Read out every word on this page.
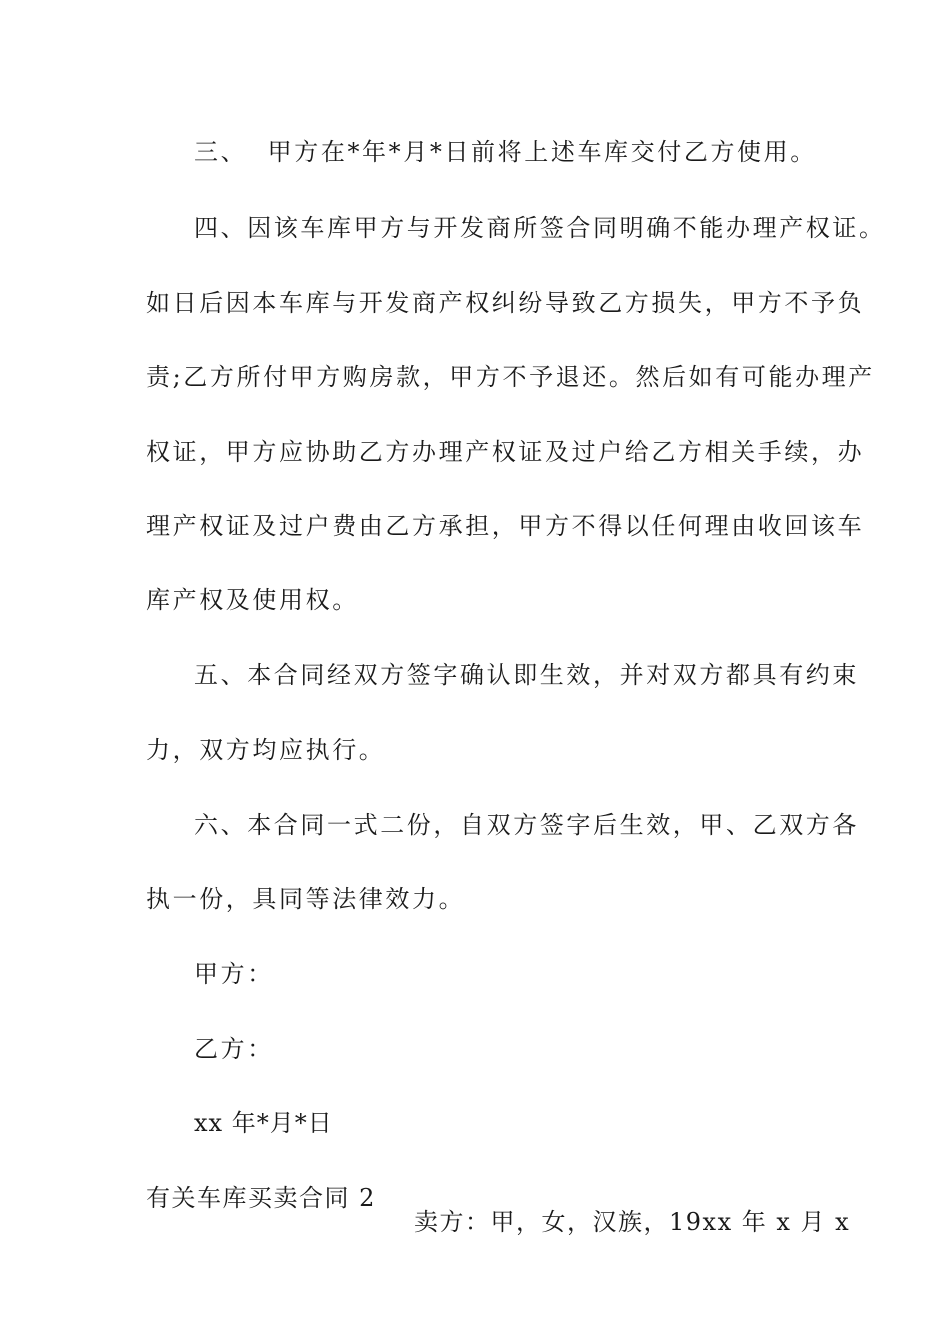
三、  甲方在*年*月*日前将上述车库交付乙方使用。

四、因该车库甲方与开发商所签合同明确不能办理产权证。

如日后因本车库与开发商产权纠纷导致乙方损失，甲方不予负

责;乙方所付甲方购房款，甲方不予退还。然后如有可能办理产

权证，甲方应协助乙方办理产权证及过户给乙方相关手续，办

理产权证及过户费由乙方承担，甲方不得以任何理由收回该车

库产权及使用权。

五、本合同经双方签字确认即生效，并对双方都具有约束

力，双方均应执行。

六、本合同一式二份，自双方签字后生效，甲、乙双方各

执一份，具同等法律效力。

甲方：

乙方：

xx 年*月*日

有关车库买卖合同 2

卖方：甲，女，汉族，19xx 年 x 月 x
